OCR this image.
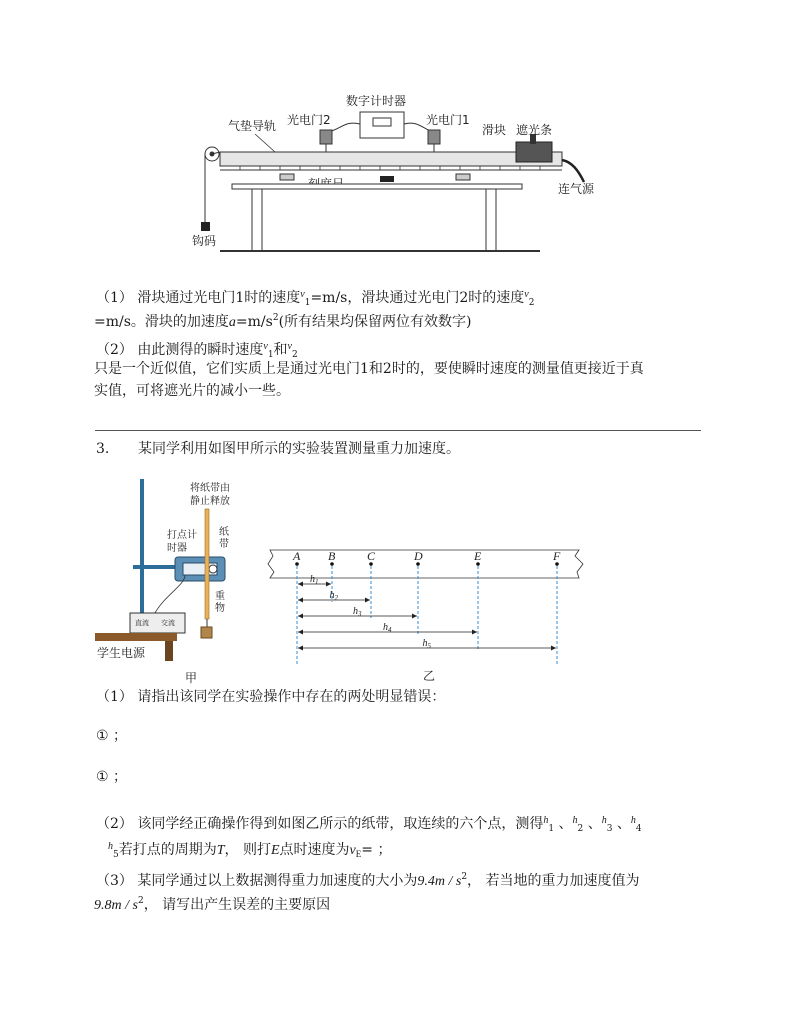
数字计时器
光电门2	光电门1
气垫导轨
钩码
滑块 遮光条
连气源
（1） 滑块通过光电门1时的速度$^v_1$=m/s，滑块通过光电门2时的速度$^v_2$
=m/s。滑块的加速度$a=m/s^2$(所有结果均保留两位有效数字)
（2） 由此测得的瞬时速度$^v_1$和$^v_2$
只是一个近似值，它们实质上是通过光电门1和2时的，要使瞬时速度的测量值更接近于真
实值，可将遮光片的减小一些。
3. 某同学利用如图甲所示的实验装置测量重力加速度。
将纸带由
静止释放
打点计
时器
纸
带
重
物
直流 交流
学生电源
甲
A B	C	D	E	F
$h_1$
$h_2$
$h_3$
$h_4$
$h_5$
乙
（1） 请指出该同学在实验操作中存在的两处明显错误：
① ；
① ；
（2） 该同学经正确操作得到如图乙所示的纸带，取连续的六个点，测得$^h_1$ 、$^h_2$ 、$^h_3$ 、$^h_4$
$^h_5$若打点的周期为T， 则打E点时速度为$v_E=$ ；
（3） 某同学通过以上数据测得重力加速度的大小为$9.4m / s^2$， 若当地的重力加速度值为
$9.8m / s^2$， 请写出产生误差的主要原因
